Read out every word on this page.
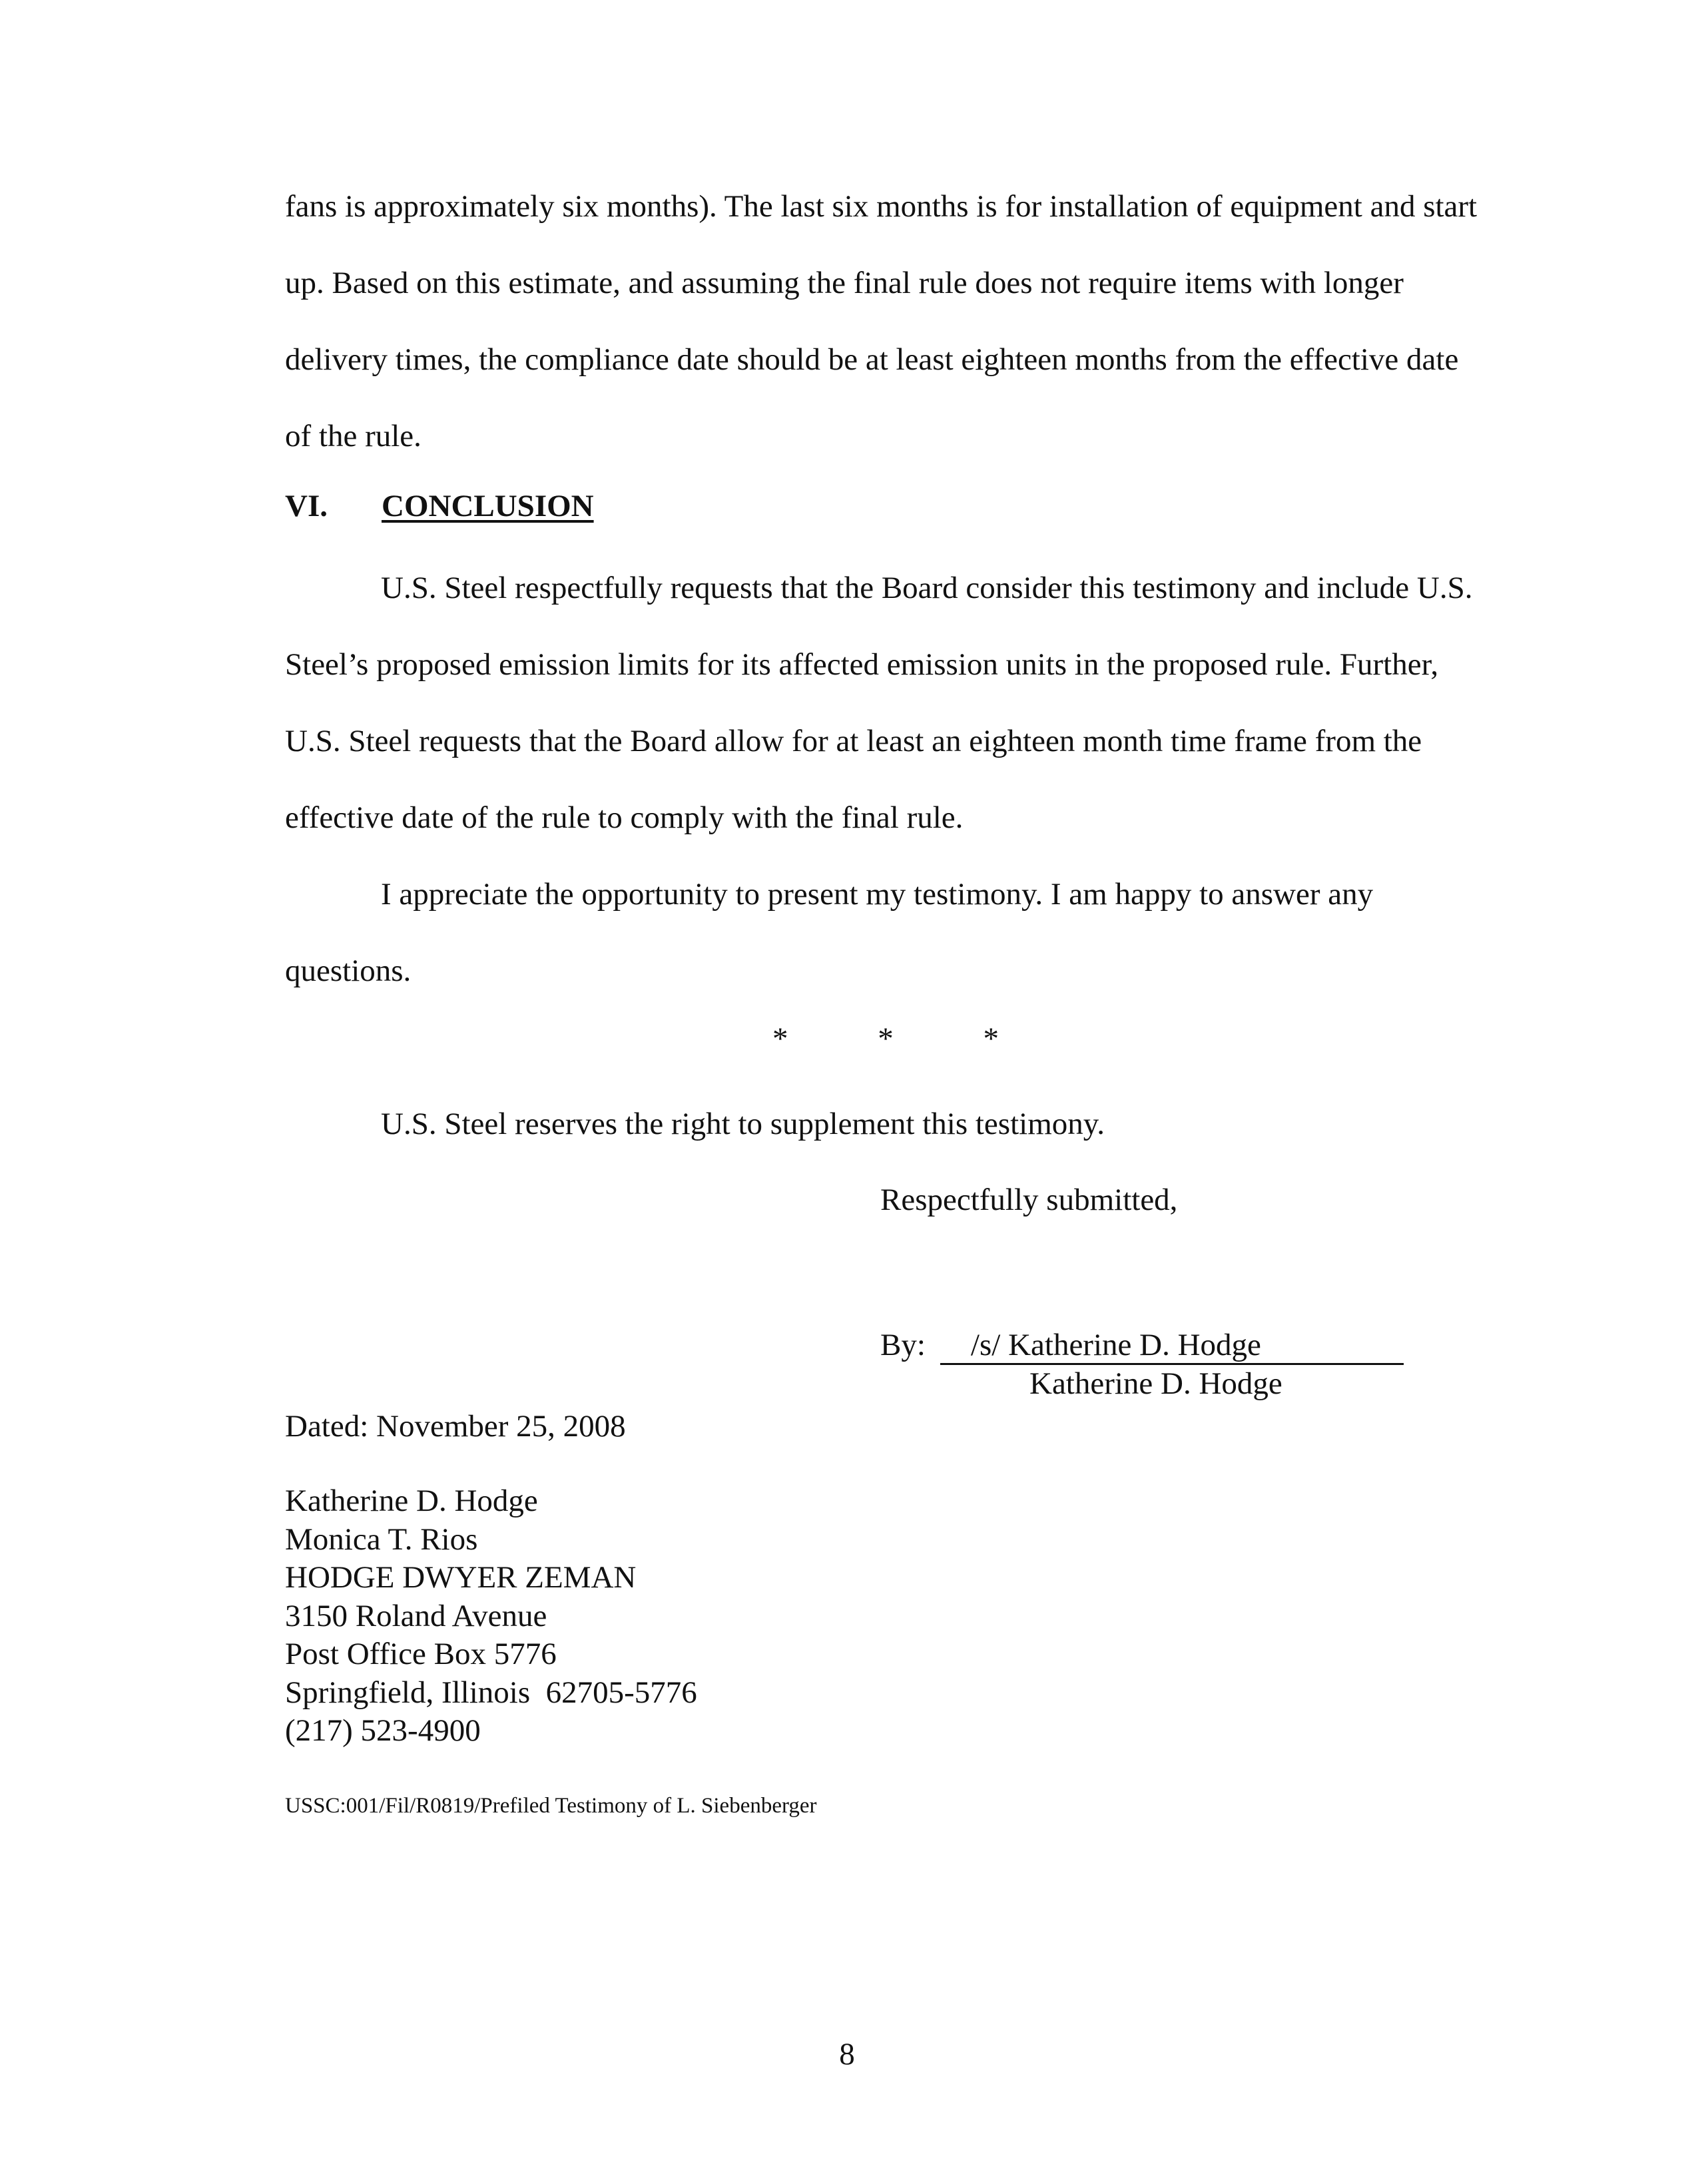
fans is approximately six months). The last six months is for installation of equipment and start up. Based on this estimate, and assuming the final rule does not require items with longer delivery times, the compliance date should be at least eighteen months from the effective date of the rule.

VI. CONCLUSION

U.S. Steel respectfully requests that the Board consider this testimony and include U.S. Steel’s proposed emission limits for its affected emission units in the proposed rule. Further, U.S. Steel requests that the Board allow for at least an eighteen month time frame from the effective date of the rule to comply with the final rule.

I appreciate the opportunity to present my testimony. I am happy to answer any questions.

*	*	*
U.S. Steel reserves the right to supplement this testimony.
Respectfully submitted,
By: /s/ Katherine D. Hodge
Katherine D. Hodge
Dated: November 25, 2008
Katherine D. Hodge
Monica T. Rios
HODGE DWYER ZEMAN
3150 Roland Avenue
Post Office Box 5776
Springfield, Illinois  62705-5776
(217) 523-4900
USSC:001/Fil/R0819/Prefiled Testimony of L. Siebenberger
8
